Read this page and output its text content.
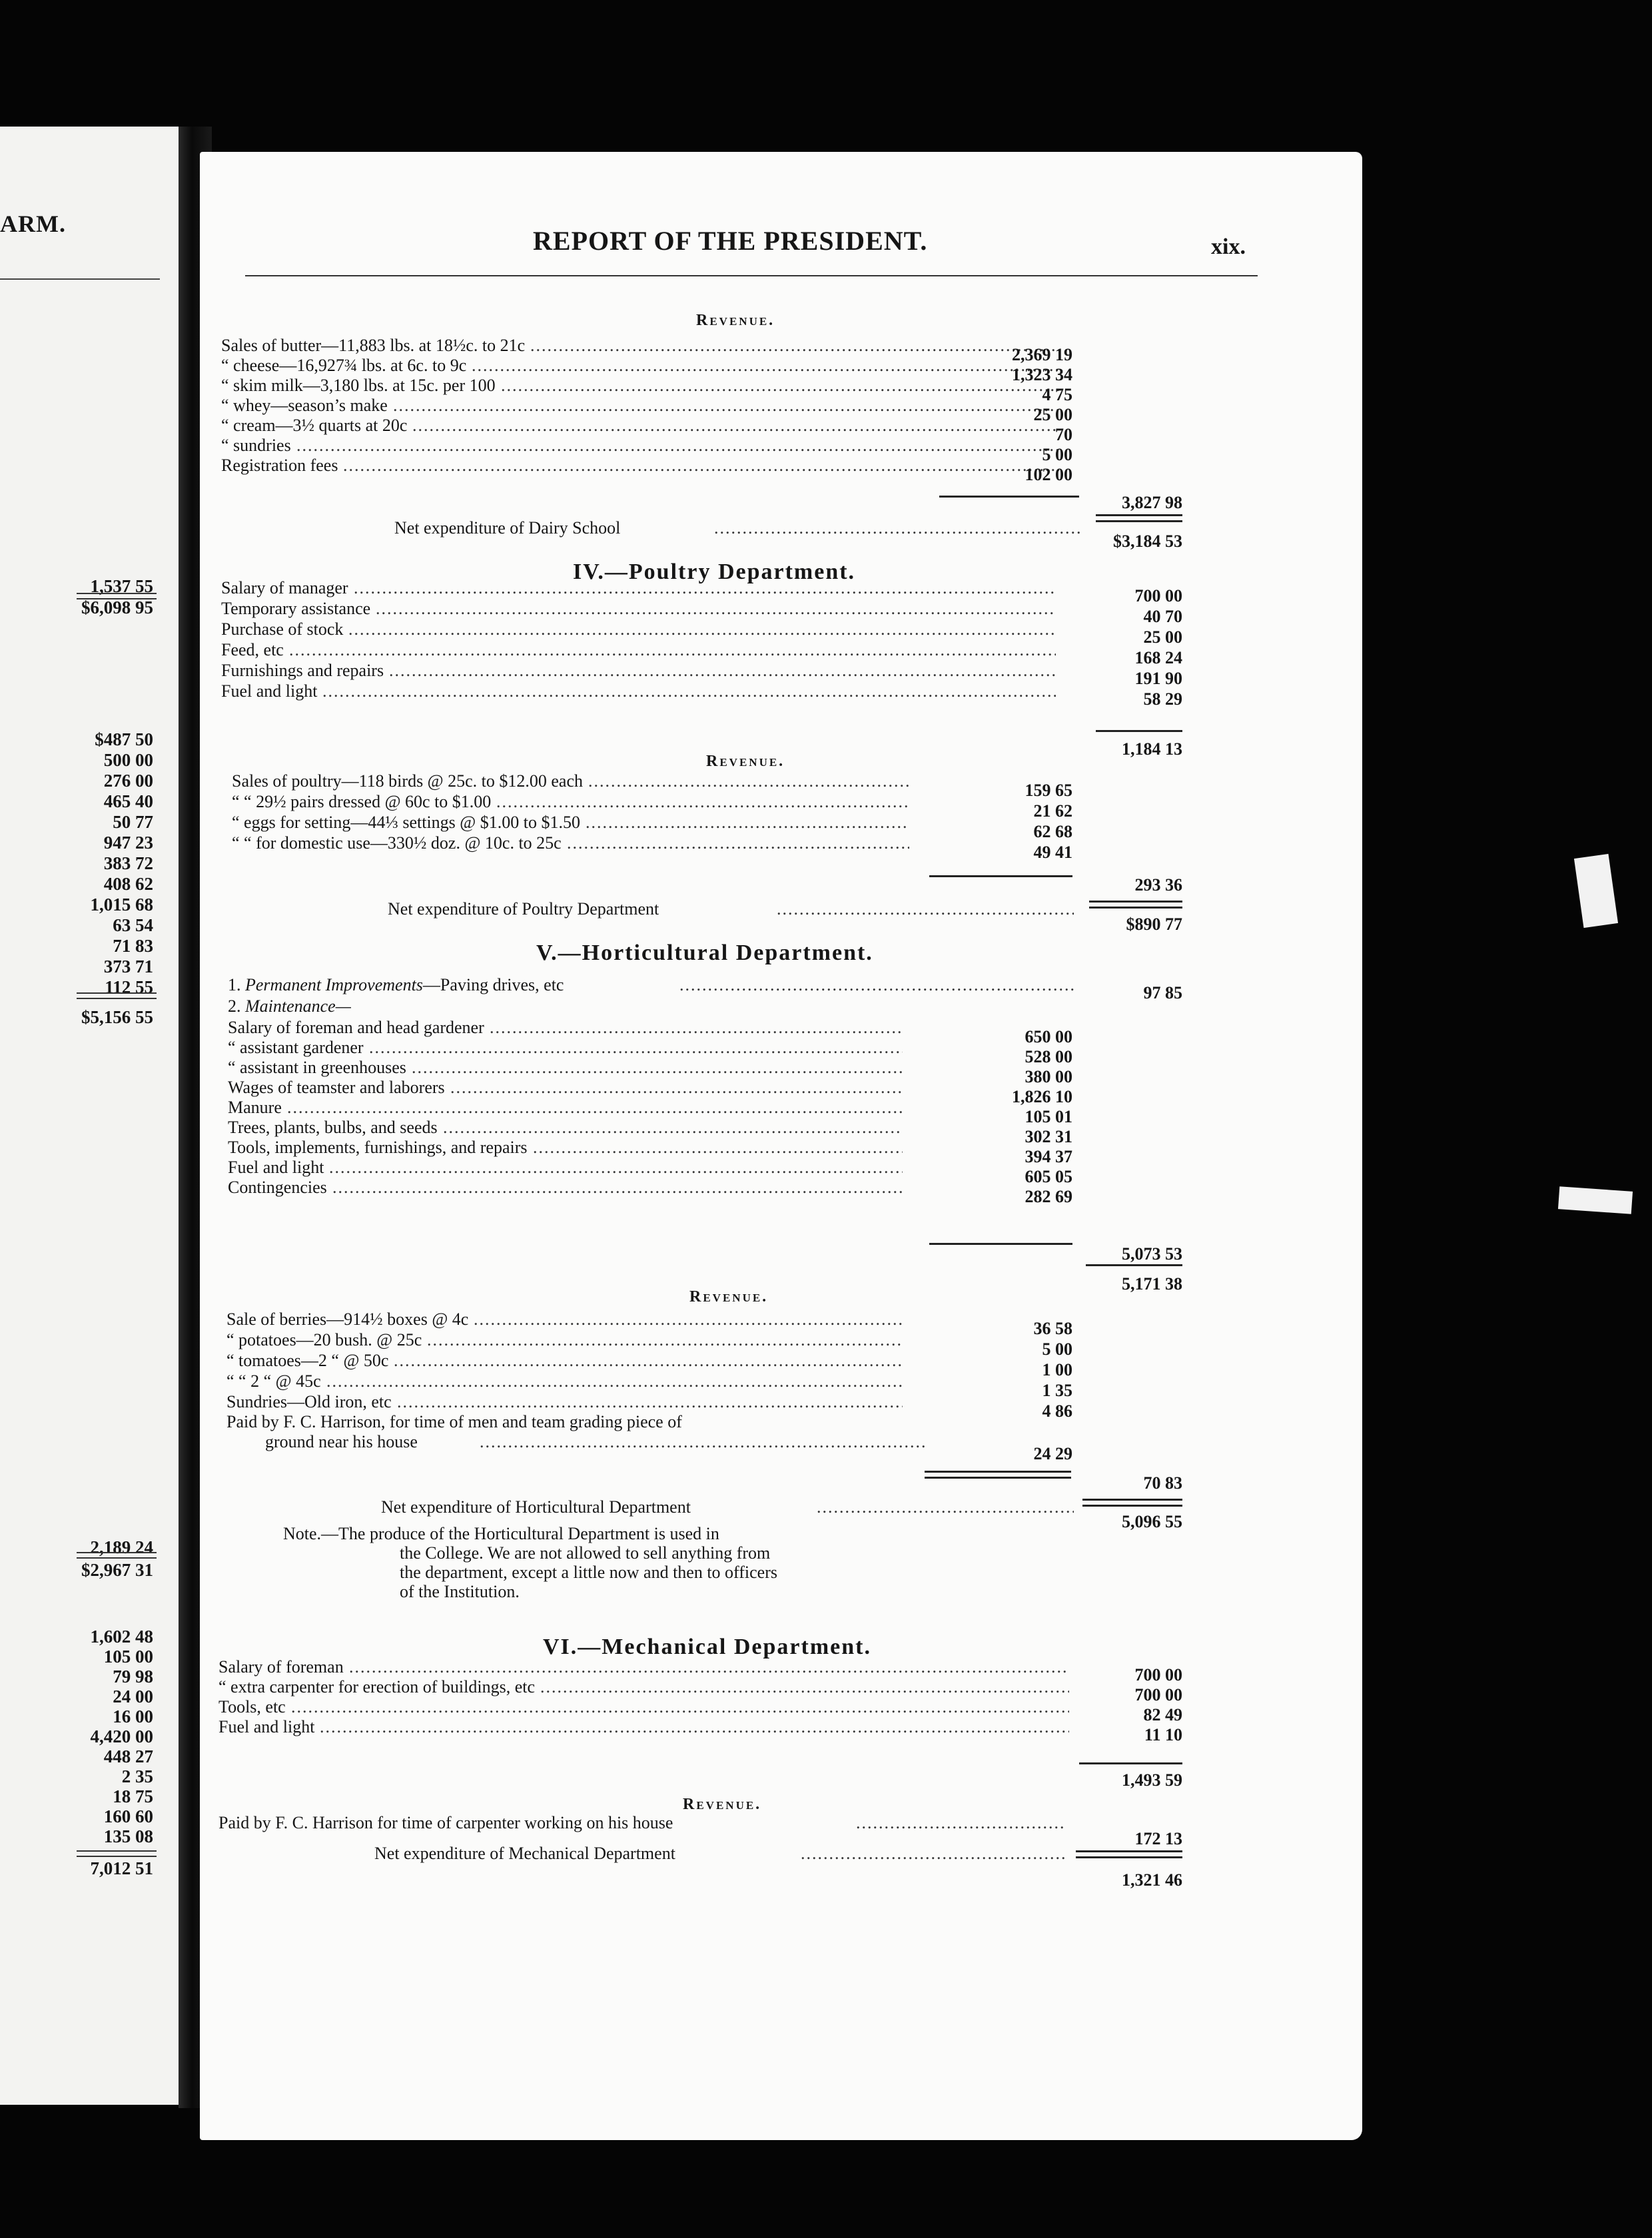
ARM.
1,537 55
$6,098 95
$487 50
500 00
276 00
465 40
50 77
947 23
383 72
408 62
1,015 68
63 54
71 83
373 71
112 55
$5,156 55
2,189 24
$2,967 31
1,602 48
105 00
79 98
24 00
16 00
4,420 00
448 27
2 35
18 75
160 60
135 08
7,012 51
REPORT OF THE PRESIDENT.	xix.
Revenue.
Sales of butter—11,883 lbs. at 18½c. to 21c .....	2,369 19
“ cheese—16,927¾ lbs. at 6c. to 9c .....	1,323 34
“ skim milk—3,180 lbs. at 15c. per 100 .....	4 75
“ whey—season’s make .....	25 00
“ cream—3½ quarts at 20c .....	70
“ sundries .....	5 00
Registration fees .....	102 00
3,827 98
Net expenditure of Dairy School
.....
$3,184 53
IV.—Poultry Department.
Salary of manager .....	700 00
Temporary assistance .....	40 70
Purchase of stock .....	25 00
Feed, etc .....	168 24
Furnishings and repairs .....	191 90
Fuel and light .....	58 29
1,184 13
Revenue.
Sales of poultry—118 birds @ 25c. to $12.00 each .....	159 65
“ “ 29½ pairs dressed @ 60c to $1.00 .....	21 62
“ eggs for setting—44⅓ settings @ $1.00 to $1.50 .....	62 68
“ “ for domestic use—330½ doz. @ 10c. to 25c .....	49 41
293 36
Net expenditure of Poultry Department
.....
$890 77
V.—Horticultural Department.
1. Permanent Improvements—Paving drives, etc .....	97 85
2. Maintenance—
Salary of foreman and head gardener .....	650 00
“ assistant gardener .....	528 00
“ assistant in greenhouses .....	380 00
Wages of teamster and laborers .....	1,826 10
Manure .....	105 01
Trees, plants, bulbs, and seeds .....	302 31
Tools, implements, furnishings, and repairs .....	394 37
Fuel and light .....	605 05
Contingencies .....	282 69
5,073 53
5,171 38
Revenue.
Sale of berries—914½ boxes @ 4c .....	36 58
“ potatoes—20 bush. @ 25c .....	5 00
“ tomatoes—2 “ @ 50c .....	1 00
“ “ 2 “ @ 45c .....	1 35
Sundries—Old iron, etc .....	4 86
Paid by F. C. Harrison, for time of men and team grading piece of
ground near his house
.....
24 29
70 83
Net expenditure of Horticultural Department
.....
5,096 55
Note.—The produce of the Horticultural Department is used in
the College. We are not allowed to sell anything from
the department, except a little now and then to officers
of the Institution.
VI.—Mechanical Department.
Salary of foreman .....	700 00
“ extra carpenter for erection of buildings, etc .....	700 00
Tools, etc .....	82 49
Fuel and light .....	11 10
1,493 59
Revenue.
Paid by F. C. Harrison for time of carpenter working on his house
.....
172 13
Net expenditure of Mechanical Department
.....
1,321 46
